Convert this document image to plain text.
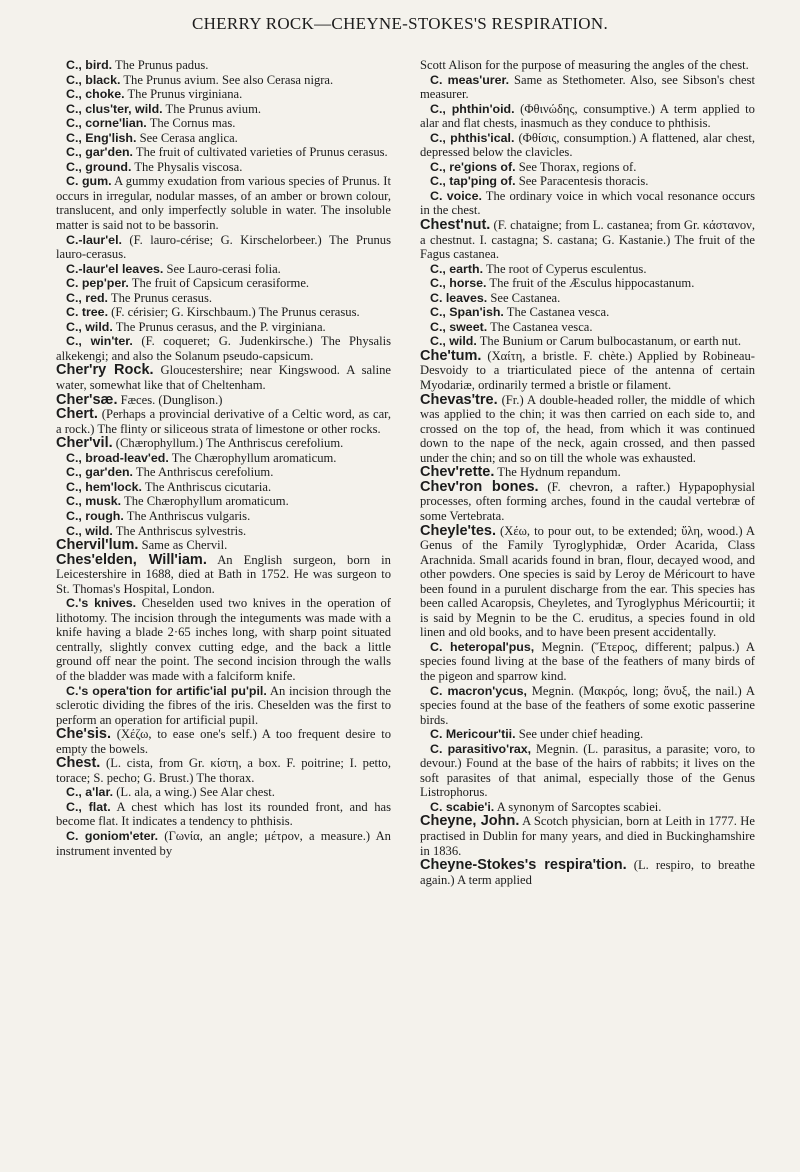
CHERRY ROCK—CHEYNE-STOKES'S RESPIRATION.

C., bird. The Prunus padus.

C., black. The Prunus avium. See also Cerasa nigra.

C., choke. The Prunus virginiana.

C., clus'ter, wild. The Prunus avium.

C., corne'lian. The Cornus mas.

C., Eng'lish. See Cerasa anglica.

C., gar'den. The fruit of cultivated varieties of Prunus cerasus.

C., ground. The Physalis viscosa.

C. gum. A gummy exudation from various species of Prunus. It occurs in irregular, nodular masses, of an amber or brown colour, translucent, and only imperfectly soluble in water. The insoluble matter is said not to be bassorin.

C.-laur'el. (F. lauro-cérise; G. Kirschelorbeer.) The Prunus lauro-cerasus.

C.-laur'el leaves. See Lauro-cerasi folia.

C. pep'per. The fruit of Capsicum cerasiforme.

C., red. The Prunus cerasus.

C. tree. (F. cérisier; G. Kirschbaum.) The Prunus cerasus.

C., wild. The Prunus cerasus, and the P. virginiana.

C., win'ter. (F. coqueret; G. Judenkirsche.) The Physalis alkekengi; and also the Solanum pseudo-capsicum.

Cher'ry Rock. Gloucestershire; near Kingswood. A saline water, somewhat like that of Cheltenham.

Cher'sæ. Fæces. (Dunglison.)

Chert. (Perhaps a provincial derivative of a Celtic word, as car, a rock.) The flinty or siliceous strata of limestone or other rocks.

Cher'vil. (Chærophyllum.) The Anthriscus cerefolium.

C., broad-leav'ed. The Chærophyllum aromaticum.

C., gar'den. The Anthriscus cerefolium.

C., hem'lock. The Anthriscus cicutaria.

C., musk. The Chærophyllum aromaticum.

C., rough. The Anthriscus vulgaris.

C., wild. The Anthriscus sylvestris.

Chervil'lum. Same as Chervil.

Ches'elden, Will'iam. An English surgeon, born in Leicestershire in 1688, died at Bath in 1752. He was surgeon to St. Thomas's Hospital, London.

C.'s knives. Cheselden used two knives in the operation of lithotomy. The incision through the integuments was made with a knife having a blade 2·65 inches long, with sharp point situated centrally, slightly convex cutting edge, and the back a little ground off near the point. The second incision through the walls of the bladder was made with a falciform knife.

C.'s opera'tion for artific'ial pu'pil. An incision through the sclerotic dividing the fibres of the iris. Cheselden was the first to perform an operation for artificial pupil.

Che'sis. (Χέζω, to ease one's self.) A too frequent desire to empty the bowels.

Chest. (L. cista, from Gr. κίστη, a box. F. poitrine; I. petto, torace; S. pecho; G. Brust.) The thorax.

C., a'lar. (L. ala, a wing.) See Alar chest.

C., flat. A chest which has lost its rounded front, and has become flat. It indicates a tendency to phthisis.

C. goniom'eter. (Γωνία, an angle; μέτρον, a measure.) An instrument invented by

Scott Alison for the purpose of measuring the angles of the chest.

C. meas'urer. Same as Stethometer. Also, see Sibson's chest measurer.

C., phthin'oid. (Φθινώδης, consumptive.) A term applied to alar and flat chests, inasmuch as they conduce to phthisis.

C., phthis'ical. (Φθίσις, consumption.) A flattened, alar chest, depressed below the clavicles.

C., re'gions of. See Thorax, regions of.

C., tap'ping of. See Paracentesis thoracis.

C. voice. The ordinary voice in which vocal resonance occurs in the chest.

Chest'nut. (F. chataigne; from L. castanea; from Gr. κάστανον, a chestnut. I. castagna; S. castana; G. Kastanie.) The fruit of the Fagus castanea.

C., earth. The root of Cyperus esculentus.

C., horse. The fruit of the Æsculus hippocastanum.

C. leaves. See Castanea.

C., Span'ish. The Castanea vesca.

C., sweet. The Castanea vesca.

C., wild. The Bunium or Carum bulbocastanum, or earth nut.

Che'tum. (Χαίτη, a bristle. F. chète.) Applied by Robineau-Desvoidy to a triarticulated piece of the antenna of certain Myodariæ, ordinarily termed a bristle or filament.

Chevas'tre. (Fr.) A double-headed roller, the middle of which was applied to the chin; it was then carried on each side to, and crossed on the top of, the head, from which it was continued down to the nape of the neck, again crossed, and then passed under the chin; and so on till the whole was exhausted.

Chev'rette. The Hydnum repandum.

Chev'ron bones. (F. chevron, a rafter.) Hypapophysial processes, often forming arches, found in the caudal vertebræ of some Vertebrata.

Cheyle'tes. (Χέω, to pour out, to be extended; ὕλη, wood.) A Genus of the Family Tyroglyphidæ, Order Acarida, Class Arachnida. Small acarids found in bran, flour, decayed wood, and other powders. One species is said by Leroy de Méricourt to have been found in a purulent discharge from the ear. This species has been called Acaropsis, Cheyletes, and Tyroglyphus Méricourtii; it is said by Megnin to be the C. eruditus, a species found in old linen and old books, and to have been present accidentally.

C. heteropal'pus, Megnin. (Ἕτερος, different; palpus.) A species found living at the base of the feathers of many birds of the pigeon and sparrow kind.

C. macron'ycus, Megnin. (Μακρός, long; ὄνυξ, the nail.) A species found at the base of the feathers of some exotic passerine birds.

C. Mericour'tii. See under chief heading.

C. parasitivo'rax, Megnin. (L. parasitus, a parasite; voro, to devour.) Found at the base of the hairs of rabbits; it lives on the soft parasites of that animal, especially those of the Genus Listrophorus.

C. scabie'i. A synonym of Sarcoptes scabiei.

Cheyne, John. A Scotch physician, born at Leith in 1777. He practised in Dublin for many years, and died in Buckinghamshire in 1836.

Cheyne-Stokes's respira'tion. (L. respiro, to breathe again.) A term applied
